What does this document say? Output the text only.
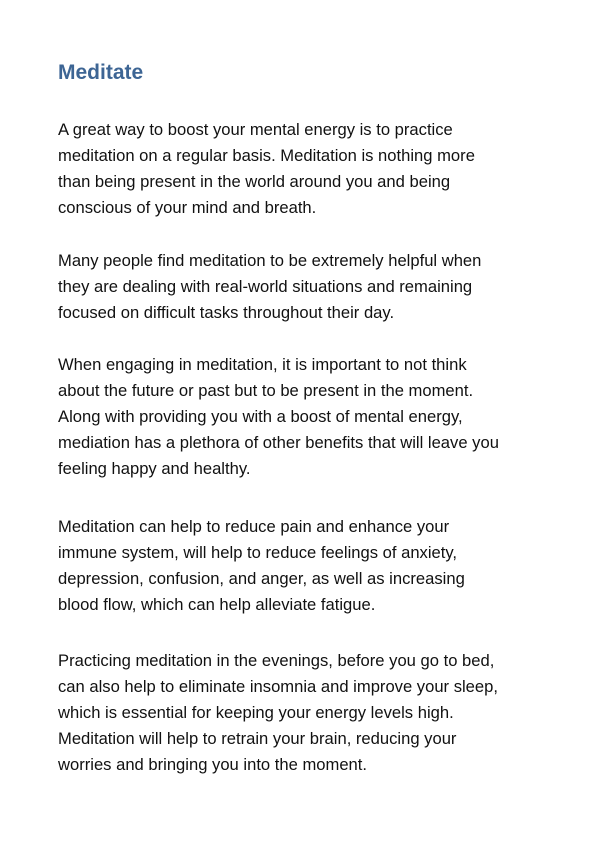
Meditate

A great way to boost your mental energy is to practice
meditation on a regular basis. Meditation is nothing more
than being present in the world around you and being
conscious of your mind and breath.

Many people find meditation to be extremely helpful when
they are dealing with real-world situations and remaining
focused on difficult tasks throughout their day.

When engaging in meditation, it is important to not think
about the future or past but to be present in the moment.
Along with providing you with a boost of mental energy,
mediation has a plethora of other benefits that will leave you
feeling happy and healthy.

Meditation can help to reduce pain and enhance your
immune system, will help to reduce feelings of anxiety,
depression, confusion, and anger, as well as increasing
blood flow, which can help alleviate fatigue.

Practicing meditation in the evenings, before you go to bed,
can also help to eliminate insomnia and improve your sleep,
which is essential for keeping your energy levels high.
Meditation will help to retrain your brain, reducing your
worries and bringing you into the moment.
